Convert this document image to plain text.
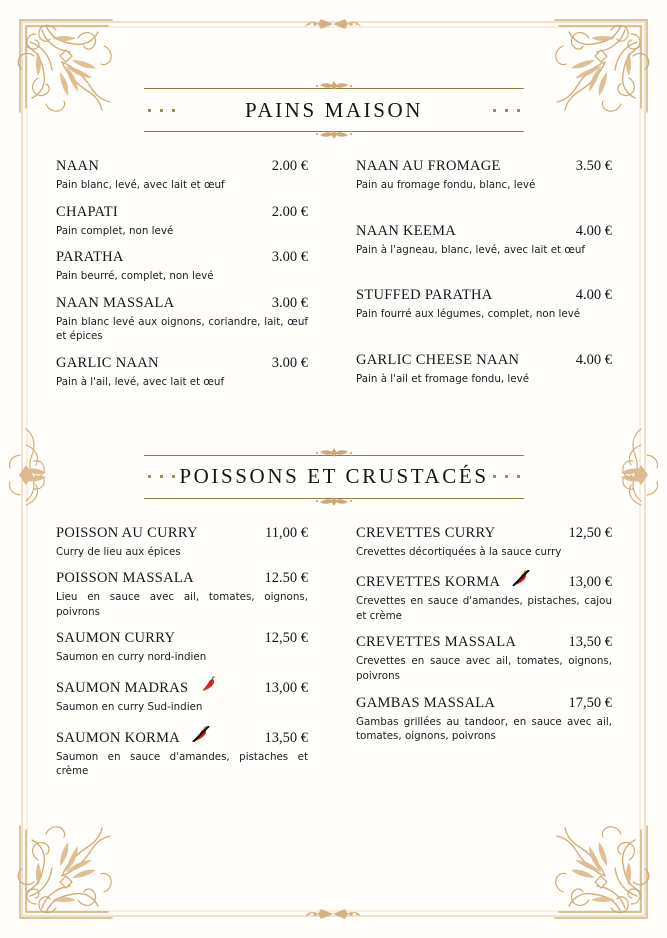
PAINS MAISON
NAAN	2.00 €
Pain blanc, levé, avec lait et œuf
CHAPATI	2.00 €
Pain complet, non levé
PARATHA	3.00 €
Pain beurré, complet, non levé
NAAN MASSALA	3.00 €
Pain blanc levé aux oignons, coriandre, lait, œuf et épices
GARLIC NAAN	3.00 €
Pain à l'ail, levé, avec lait et œuf
NAAN AU FROMAGE	3.50 €
Pain au fromage fondu, blanc, levé
NAAN KEEMA	4.00 €
Pain à l'agneau, blanc, levé, avec lait et œuf
STUFFED PARATHA	4.00 €
Pain fourré aux légumes, complet, non levé
GARLIC CHEESE NAAN	4.00 €
Pain à l'ail et fromage fondu, levé
POISSONS ET CRUSTACÉS
POISSON AU CURRY	11,00 €
Curry de lieu aux épices
POISSON MASSALA	12.50 €
Lieu en sauce avec ail, tomates, oignons, poivrons
SAUMON CURRY	12,50 €
Saumon en curry nord-indien
SAUMON MADRAS	13,00 €
Saumon en curry Sud-indien
SAUMON KORMA	13,50 €
Saumon en sauce d'amandes, pistaches et crème
CREVETTES CURRY	12,50 €
Crevettes décortiquées à la sauce curry
CREVETTES KORMA	13,00 €
Crevettes en sauce d'amandes, pistaches, cajou et crème
CREVETTES MASSALA	13,50 €
Crevettes en sauce avec ail, tomates, oignons, poivrons
GAMBAS MASSALA	17,50 €
Gambas grillées au tandoor, en sauce avec ail, tomates, oignons, poivrons
